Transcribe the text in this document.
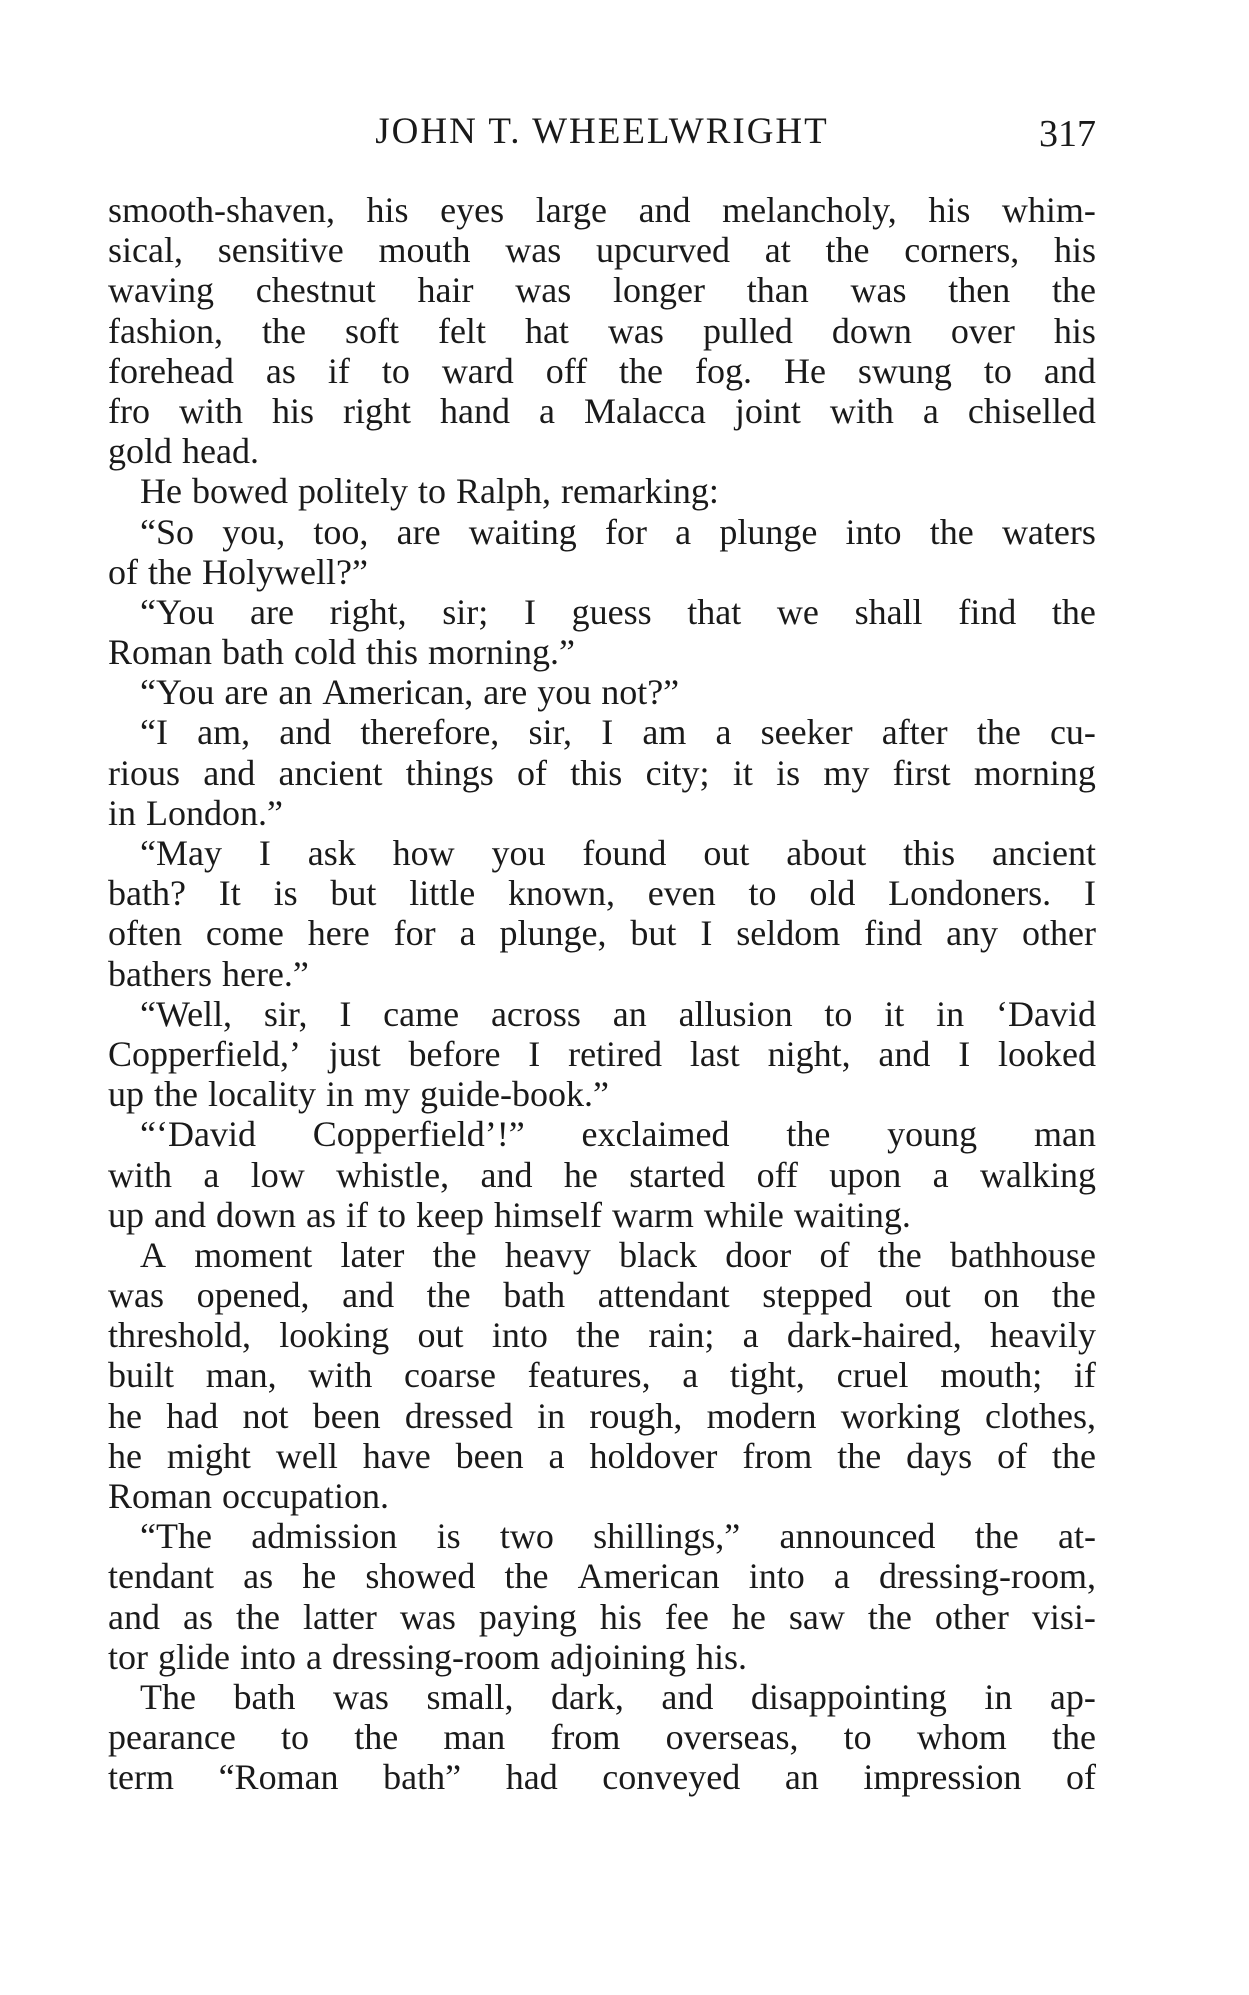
JOHN T. WHEELWRIGHT	317
smooth-shaven, his eyes large and melancholy, his whim-
sical, sensitive mouth was upcurved at the corners, his
waving chestnut hair was longer than was then the
fashion, the soft felt hat was pulled down over his
forehead as if to ward off the fog. He swung to and
fro with his right hand a Malacca joint with a chiselled
gold head.
He bowed politely to Ralph, remarking:
“So you, too, are waiting for a plunge into the waters
of the Holywell?”
“You are right, sir; I guess that we shall find the
Roman bath cold this morning.”
“You are an American, are you not?”
“I am, and therefore, sir, I am a seeker after the cu-
rious and ancient things of this city; it is my first morning
in London.”
“May I ask how you found out about this ancient
bath? It is but little known, even to old Londoners. I
often come here for a plunge, but I seldom find any other
bathers here.”
“Well, sir, I came across an allusion to it in ‘David
Copperfield,’ just before I retired last night, and I looked
up the locality in my guide-book.”
“‘David Copperfield’!” exclaimed the young man
with a low whistle, and he started off upon a walking
up and down as if to keep himself warm while waiting.
A moment later the heavy black door of the bathhouse
was opened, and the bath attendant stepped out on the
threshold, looking out into the rain; a dark-haired, heavily
built man, with coarse features, a tight, cruel mouth; if
he had not been dressed in rough, modern working clothes,
he might well have been a holdover from the days of the
Roman occupation.
“The admission is two shillings,” announced the at-
tendant as he showed the American into a dressing-room,
and as the latter was paying his fee he saw the other visi-
tor glide into a dressing-room adjoining his.
The bath was small, dark, and disappointing in ap-
pearance to the man from overseas, to whom the
term “Roman bath” had conveyed an impression of
